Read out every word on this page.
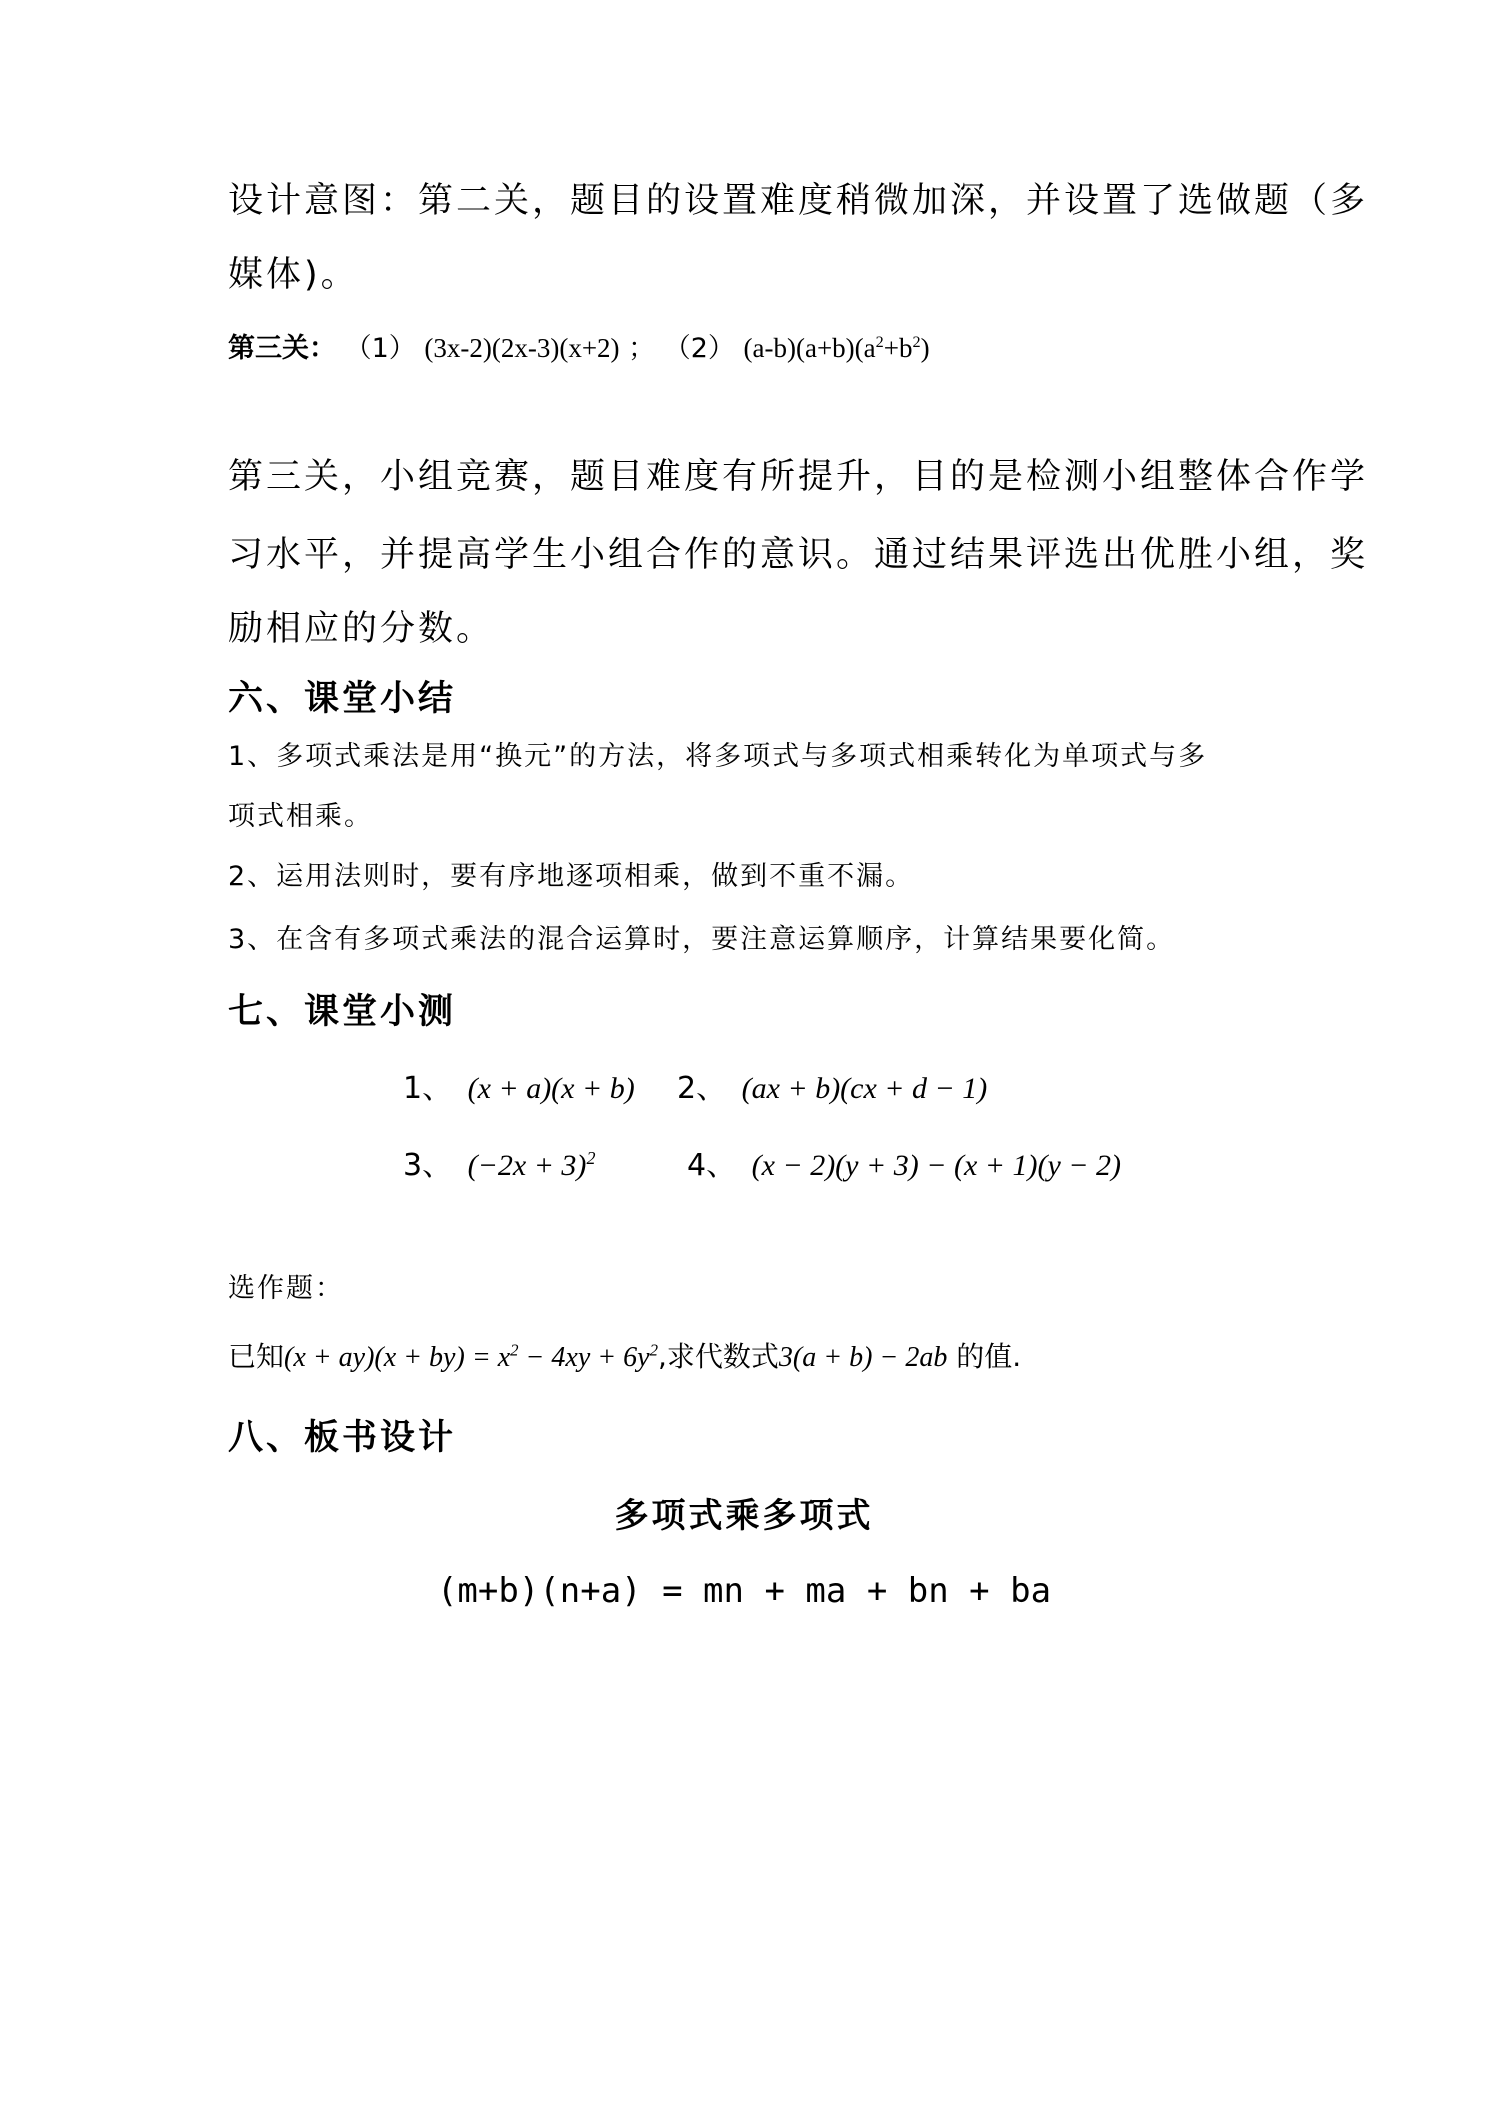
设计意图：第二关，题目的设置难度稍微加深，并设置了选做题（多
媒体)。
第三关： （1） (3x-2)(2x-3)(x+2) ； （2） $(a-b)(a+b)(a^2+b^2)$
第三关，小组竞赛，题目难度有所提升，目的是检测小组整体合作学
习水平，并提高学生小组合作的意识。通过结果评选出优胜小组，奖
励相应的分数。
六、课堂小结
1、多项式乘法是用“换元”的方法，将多项式与多项式相乘转化为单项式与多
项式相乘。
2、运用法则时，要有序地逐项相乘，做到不重不漏。
3、在含有多项式乘法的混合运算时，要注意运算顺序，计算结果要化简。
七、课堂小测
1、 (x + a)(x + b) 2、 (ax + b)(cx + d − 1)
3、 $(-2x + 3)^2$	4、 (x − 2)(y + 3) − (x + 1)(y − 2)
选作题：
已知$(x + ay)(x + by) = x^2 - 4xy + 6y^2$,求代数式3(a + b) − 2ab 的值.
八、板书设计
多项式乘多项式
(m+b)(n+a) = mn + ma + bn + ba
